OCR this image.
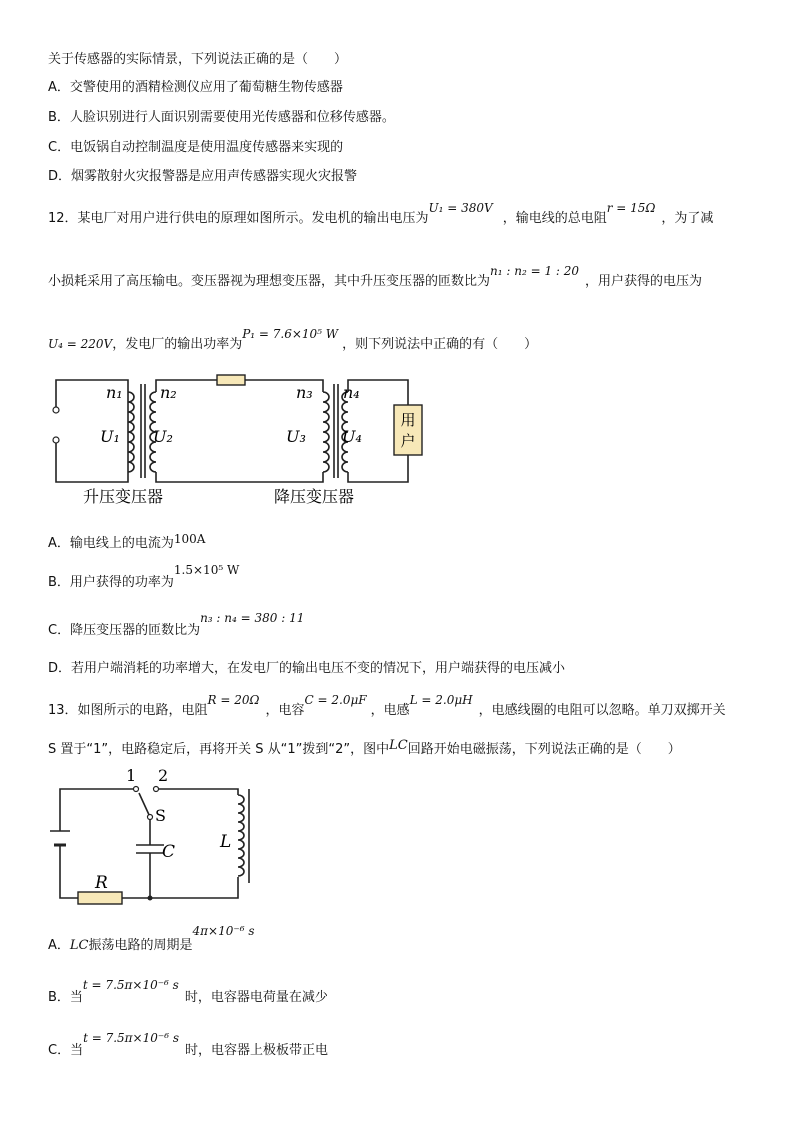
关于传感器的实际情景，下列说法正确的是（　　）
A．交警使用的酒精检测仪应用了葡萄糖生物传感器
B．人脸识别进行人面识别需要使用光传感器和位移传感器。
C．电饭锅自动控制温度是使用温度传感器来实现的
D．烟雾散射火灾报警器是应用声传感器实现火灾报警
12．某电厂对用户进行供电的原理如图所示。发电机的输出电压为U₁ = 380V，输电线的总电阻r = 15Ω，为了减
小损耗采用了高压输电。变压器视为理想变压器，其中升压变压器的匝数比为n₁ : n₂ = 1 : 20，用户获得的电压为
U₄ = 220V，发电厂的输出功率为P₁ = 7.6×10⁵ W，则下列说法中正确的有（　　）
用
户
n₁
U₁
n₂
U₂
n₃
U₃
n₄
U₄
升压变压器	降压变压器
A．输电线上的电流为100A
B．用户获得的功率为1.5×10⁵ W
C．降压变压器的匝数比为n₃ : n₄ = 380 : 11
D．若用户端消耗的功率增大，在发电厂的输出电压不变的情况下，用户端获得的电压减小
13．如图所示的电路，电阻R = 20Ω，电容C = 2.0μF，电感L = 2.0μH，电感线圈的电阻可以忽略。单刀双掷开关
S 置于“1”，电路稳定后，再将开关 S 从“1”拨到“2”，图中LC回路开始电磁振荡，下列说法正确的是（　　）
1 2
S
C	L
R
A．LC振荡电路的周期是4π×10⁻⁶ s
B．当t = 7.5π×10⁻⁶ s时，电容器电荷量在减少
C．当t = 7.5π×10⁻⁶ s时，电容器上极板带正电
